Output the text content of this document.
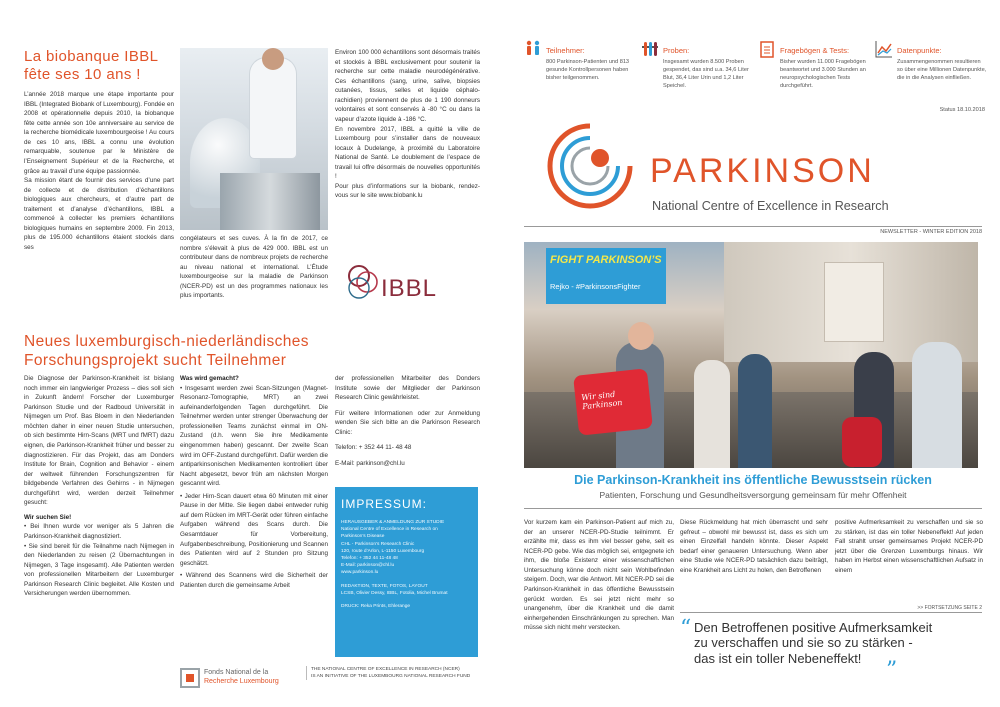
La biobanque IBBL
fête ses 10 ans !

L’année 2018 marque une étape importante pour IBBL (Integrated Biobank of Luxembourg). Fondée en 2008 et opérationnelle depuis 2010, la biobanque fête cette année son 10e anniversaire au service de la recherche biomédicale luxembourgeoise ! Au cours de ces 10 ans, IBBL a connu une évolution remarquable, soutenue par le Ministère de l’Enseignement Supérieur et de la Recherche, et grâce au travail d’une équipe passionnée.

Sa mission étant de fournir des services d’une part de collecte et de distribution d’échantillons biologiques aux chercheurs, et d’autre part de traitement et d’analyse d’échantillons, IBBL a commencé à collecter les premiers échantillons biologiques humains en septembre 2009. Fin 2013, plus de 195.000 échantillons étaient stockés dans ses

congélateurs et ses cuves. À la fin de 2017, ce nombre s’élevait à plus de 429 000. IBBL est un contributeur dans de nombreux projets de recherche au niveau national et international. L’Étude luxembourgeoise sur la maladie de Parkinson (NCER-PD) est un des programmes nationaux les plus importants.

Environ 100 000 échantillons sont désormais traités et stockés à IBBL exclusivement pour soutenir la recherche sur cette maladie neurodégénérative. Ces échantillons (sang, urine, salive, biopsies cutanées, tissus, selles et liquide céphalo-rachidien) proviennent de plus de 1 190 donneurs volontaires et sont conservés à -80 °C ou dans la vapeur d’azote liquide à -186 °C.

En novembre 2017, IBBL a quitté la ville de Luxembourg pour s’installer dans de nouveaux locaux à Dudelange, à proximité du Laboratoire National de Santé. Le doublement de l’espace de travail lui offre désormais de nouvelles opportunités !

Pour plus d’informations sur la biobank, rendez-vous sur le site www.biobank.lu

IBBL
Neues luxemburgisch-niederländisches
Forschungsprojekt sucht Teilnehmer

Die Diagnose der Parkinson-Krankheit ist bislang noch immer ein langwieriger Prozess – dies soll sich in Zukunft ändern! Forscher der Luxemburger Parkinson Studie und der Radboud Universität in Nijmegen um Prof. Bas Bloem in den Niederlanden möchten daher in einer neuen Studie untersuchen, ob sich bestimmte Hirn-Scans (MRT und fMRT) dazu eignen, die Parkinson-Krankheit früher und besser zu diagnostizieren. Für das Projekt, das am Donders Institute for Brain, Cognition and Behavior - einem der weltweit führenden Forschungszentren für bildgebende Verfahren des Gehirns - in Nijmegen durchgeführt wird, werden derzeit Teilnehmer gesucht:

Wir suchen Sie!

• Bei Ihnen wurde vor weniger als 5 Jahren die Parkinson-Krankheit diagnostiziert.

• Sie sind bereit für die Teilnahme nach Nijmegen in den Niederlanden zu reisen (2 Übernachtungen in Nijmegen, 3 Tage insgesamt). Alle Patienten werden von professionellen Mitarbeitern der Luxemburger Parkinson Research Clinic begleitet. Alle Kosten und Versicherungen werden übernommen.

Was wird gemacht?

• Insgesamt werden zwei Scan-Sitzungen (Magnet-Resonanz-Tomographie, MRT) an zwei aufeinanderfolgenden Tagen durchgeführt. Die Teilnehmer werden unter strenger Überwachung der professionellen Teams zunächst einmal im ON-Zustand (d.h. wenn Sie ihre Medikamente eingenommen haben) gescannt. Der zweite Scan wird im OFF-Zustand durchgeführt. Dafür werden die antiparkinsonischen Medikamenten kontrolliert über Nacht abgesetzt, bevor früh am nächsten Morgen gescannt wird.

• Jeder Hirn-Scan dauert etwa 60 Minuten mit einer Pause in der Mitte. Sie liegen dabei entweder ruhig auf dem Rücken im MRT-Gerät oder führen einfache Aufgaben während des Scans durch. Die Gesamtdauer für Vorbereitung, Aufgabenbeschreibung, Positionierung und Scannen des Patienten wird auf 2 Stunden pro Sitzung geschätzt.

• Während des Scannens wird die Sicherheit der Patienten durch die gemeinsame Arbeit

der professionellen Mitarbeiter des Donders Institute sowie der Mitglieder der Parkinson Research Clinic gewährleistet.

Für weitere Informationen oder zur Anmeldung wenden Sie sich bitte an die Parkinson Research Clinic:

Telefon: + 352 44 11- 48 48

E-Mail: parkinson@chl.lu

IMPRESSUM:
HERAUSGEBER & ANMELDUNG ZUR STUDIE
National Centre of Excellence in Research on
Parkinson’s Disease
CHL - Parkinson’s Research Clinic
120, route d’Arlon, L-1150 Luxembourg
Telefon: + 352 44 11-48 48
E-Mail: parkinson@chl.lu
www.parkinson.lu
REDAKTION, TEXTE, FOTOS, LAYOUT
LCSB, Olivier Dessy, IBBL, Fotolia, Michel Brumat
DRUCK: Reka Prints, Ehlerange
Fonds National de la
Recherche Luxembourg
THE NATIONAL CENTRE OF EXCELLENCE IN RESEARCH (NCER)
IS AN INITIATIVE OF THE LUXEMBOURG NATIONAL RESEARCH FUND
Teilnehmer:
800 Parkinson-Patienten und 813 gesunde Kontrollpersonen haben bisher teilgenommen.
Proben:
Insgesamt wurden 8.500 Proben gespendet, das sind u.a. 34,6 Liter Blut, 36,4 Liter Urin und 1,2 Liter Speichel.
Fragebögen & Tests:
Bisher wurden 11.000 Fragebögen beantwortet und 3.000 Stunden an neuropsychologischen Tests durchgeführt.
Datenpunkte:
Zusammengenommen resultieren so über eine Millionen Datenpunkte, die in die Analysen einfließen.
Status 18.10.2018
PARKINSON
National Centre of Excellence in Research
NEWSLETTER - WINTER EDITION 2018
Wir sind Parkinson
FIGHT PARKINSON’S
Rejko - #ParkinsonsFighter
Die Parkinson-Krankheit ins öffentliche Bewusstsein rücken
Patienten, Forschung und Gesundheitsversorgung gemeinsam für mehr Offenheit
Vor kurzem kam ein Parkinson-Patient auf mich zu, der an unserer NCER-PD-Studie teilnimmt. Er erzählte mir, dass es ihm viel besser gehe, seit es NCER-PD gebe. Wie das möglich sei, entgegnete ich ihm, die bloße Existenz einer wissenschaftlichen Untersuchung könne doch nicht sein Wohlbefinden steigern. Doch, war die Antwort. Mit NCER-PD sei die Parkinson-Krankheit in das öffentliche Bewusstsein gerückt worden. Es sei jetzt nicht mehr so unangenehm, über die Krankheit und die damit einhergehenden Einschränkungen zu sprechen. Man müsse sich nicht mehr verstecken.
Diese Rückmeldung hat mich überrascht und sehr gefreut – obwohl mir bewusst ist, dass es sich um einen Einzelfall handeln könnte. Dieser Aspekt bedarf einer genaueren Untersuchung. Wenn aber eine Studie wie NCER-PD tatsächlich dazu beiträgt, eine Krankheit ans Licht zu holen, den Betroffenen
positive Aufmerksamkeit zu verschaffen und sie so zu stärken, ist das ein toller Nebeneffekt! Auf jeden Fall strahlt unser gemeinsames Projekt NCER-PD jetzt über die Grenzen Luxemburgs hinaus. Wir haben im Herbst einen wissenschaftlichen Aufsatz in einem
>> FORTSETZUNG SEITE 2
“ Den Betroffenen positive Aufmerksamkeit
zu verschaffen und sie so zu stärken -
das ist ein toller Nebeneffekt!	”
